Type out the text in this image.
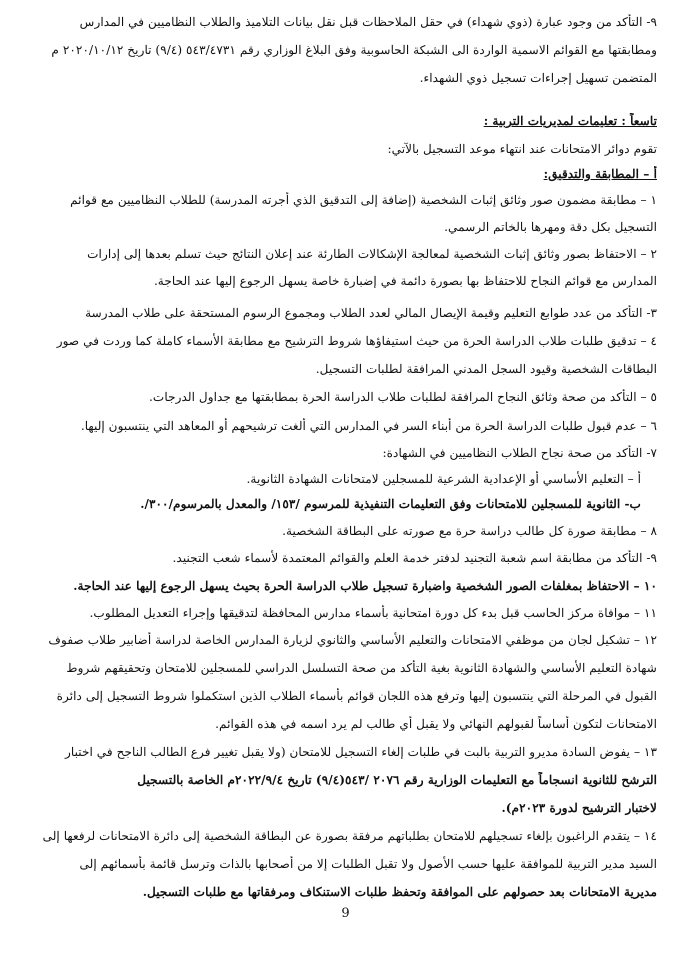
٩- التأكد من وجود عبارة (ذوي شهداء) في حقل الملاحظات قبل نقل بيانات التلاميذ والطلاب النظاميين في المدارس
ومطابقتها مع القوائم الاسمية الواردة الى الشبكة الحاسوبية وفق البلاغ الوزاري رقم ٥٤٣/٤٧٣١ (٩/٤) تاريخ ٢٠٢٠/١٠/١٢ م
المتضمن تسهيل إجراءات تسجيل ذوي الشهداء.
تاسعاً : تعليمات لمديريات التربية :
تقوم دوائر الامتحانات عند انتهاء موعد التسجيل بالآتي:
أ – المطابقة والتدقيق:
١ – مطابقة مضمون صور وثائق إثبات الشخصية (إضافة إلى التدقيق الذي أجرته المدرسة) للطلاب النظاميين مع قوائم
التسجيل بكل دقة ومهرها بالخاتم الرسمي.
٢ – الاحتفاظ بصور وثائق إثبات الشخصية لمعالجة الإشكالات الطارئة عند إعلان النتائج حيث تسلم بعدها إلى إدارات
المدارس مع قوائم النجاح للاحتفاظ بها بصورة دائمة في إضبارة خاصة يسهل الرجوع إليها عند الحاجة.
٣- التأكد من عدد طوابع التعليم وقيمة الإيصال المالي لعدد الطلاب ومجموع الرسوم المستحقة على طلاب المدرسة
٤ – تدقيق طلبات طلاب الدراسة الحرة من حيث استيفاؤها شروط الترشيح مع مطابقة الأسماء كاملة كما وردت في صور
البطاقات الشخصية وقيود السجل المدني المرافقة لطلبات التسجيل.
٥ – التأكد من صحة وثائق النجاح المرافقة لطلبات طلاب الدراسة الحرة بمطابقتها مع جداول الدرجات.
٦ – عدم قبول طلبات الدراسة الحرة من أبناء السر في المدارس التي ألغت ترشيحهم أو المعاهد التي ينتسبون إليها.
٧- التأكد من صحة نجاح الطلاب النظاميين في الشهادة:
أ – التعليم الأساسي أو الإعدادية الشرعية للمسجلين لامتحانات الشهادة الثانوية.
ب- الثانوية للمسجلين للامتحانات وفق التعليمات التنفيذية للمرسوم /١٥٣/ والمعدل بالمرسوم/٣٠٠/.
٨ – مطابقة صورة كل طالب دراسة حرة مع صورته على البطاقة الشخصية.
٩- التأكد من مطابقة اسم شعبة التجنيد لدفتر خدمة العلم والقوائم المعتمدة لأسماء شعب التجنيد.
١٠ – الاحتفاظ بمغلفات الصور الشخصية واضبارة تسجيل طلاب الدراسة الحرة بحيث يسهل الرجوع إليها عند الحاجة.
١١ – موافاة مركز الحاسب قبل بدء كل دورة امتحانية بأسماء مدارس المحافظة لتدقيقها وإجراء التعديل المطلوب.
١٢ – تشكيل لجان من موظفي الامتحانات والتعليم الأساسي والثانوي لزيارة المدارس الخاصة لدراسة أضابير طلاب صفوف
شهادة التعليم الأساسي والشهادة الثانوية بغية التأكد من صحة التسلسل الدراسي للمسجلين للامتحان وتحقيقهم شروط
القبول في المرحلة التي ينتسبون إليها وترفع هذه اللجان قوائم بأسماء الطلاب الذين استكملوا شروط التسجيل إلى دائرة
الامتحانات لتكون أساساً لقبولهم النهائي ولا يقبل أي طالب لم يرد اسمه في هذه القوائم.
١٣ – يفوض السادة مديرو التربية بالبت في طلبات إلغاء التسجيل للامتحان (ولا يقبل تغيير فرع الطالب الناجح في اختبار
الترشح للثانوية انسجاماً مع التعليمات الوزارية رقم ٢٠٧٦ /٥٤٣(٩/٤) تاريخ ٢٠٢٢/٩/٤م الخاصة بالتسجيل
لاختبار الترشيح لدورة ٢٠٢٣م).
١٤ – يتقدم الراغبون بإلغاء تسجيلهم للامتحان بطلباتهم مرفقة بصورة عن البطاقة الشخصية إلى دائرة الامتحانات لرفعها إلى
السيد مدير التربية للموافقة عليها حسب الأصول ولا تقبل الطلبات إلا من أصحابها بالذات وترسل قائمة بأسمائهم إلى
مديرية الامتحانات بعد حصولهم على الموافقة وتحفظ طلبات الاستنكاف ومرفقاتها مع طلبات التسجيل.
9
